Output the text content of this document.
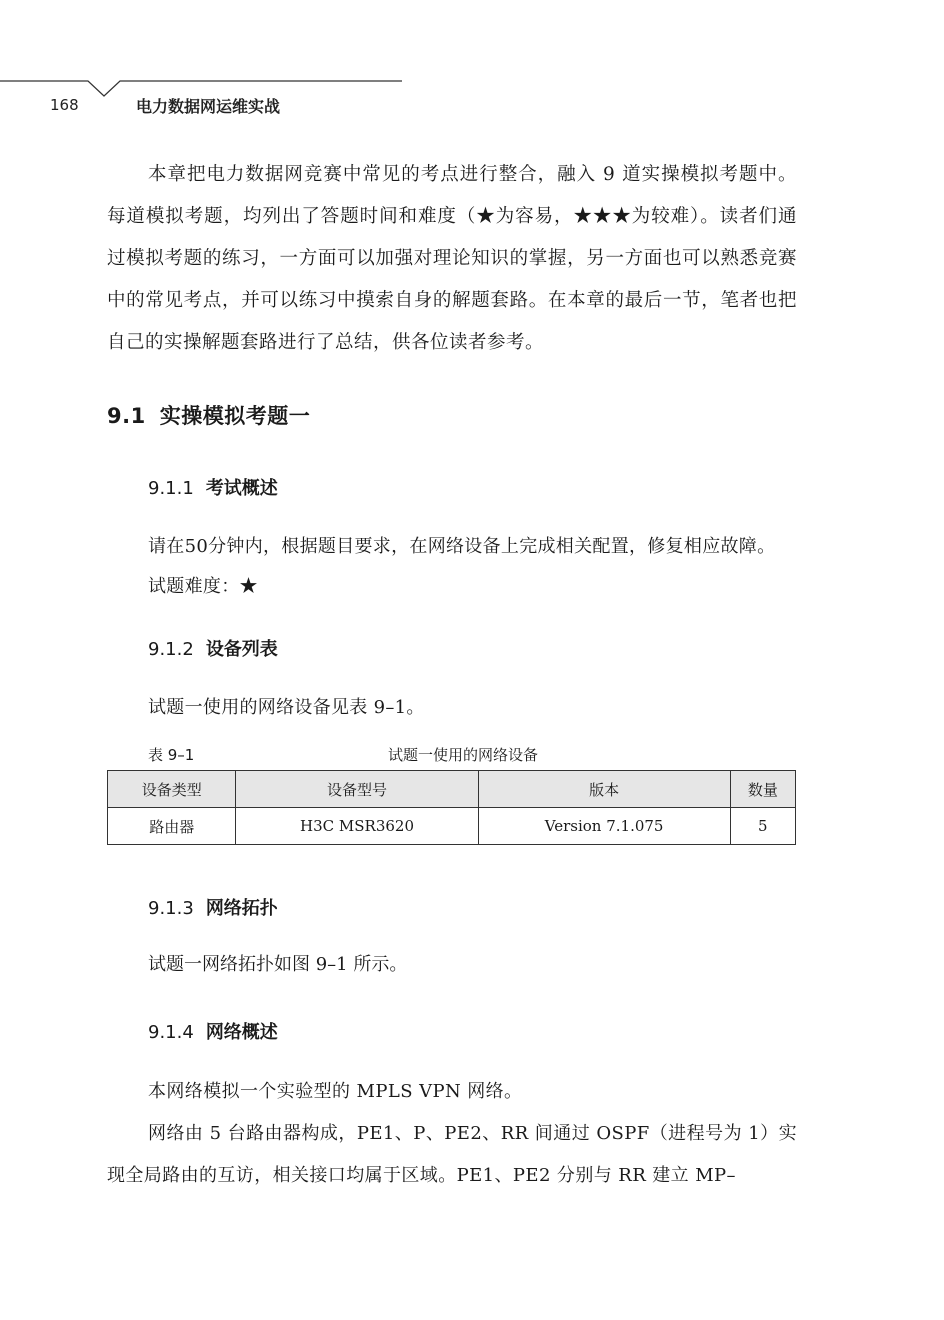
168	电力数据网运维实战

本章把电力数据网竞赛中常见的考点进行整合，融入 9 道实操模拟考题中。每道模拟考题，均列出了答题时间和难度（★为容易，★★★为较难）。读者们通过模拟考题的练习，一方面可以加强对理论知识的掌握，另一方面也可以熟悉竞赛中的常见考点，并可以练习中摸索自身的解题套路。在本章的最后一节，笔者也把自己的实操解题套路进行了总结，供各位读者参考。

9.1 实操模拟考题一
9.1.1 考试概述

请在50分钟内，根据题目要求，在网络设备上完成相关配置，修复相应故障。

试题难度：★

9.1.2 设备列表

试题一使用的网络设备见表 9–1。

表 9–1	试题一使用的网络设备
设备类型	设备型号	版本	数量
路由器	H3C MSR3620	Version 7.1.075	5
9.1.3 网络拓扑

试题一网络拓扑如图 9–1 所示。

9.1.4 网络概述

本网络模拟一个实验型的 MPLS VPN 网络。

网络由 5 台路由器构成，PE1、P、PE2、RR 间通过 OSPF（进程号为 1）实现全局路由的互访，相关接口均属于区域。PE1、PE2 分别与 RR 建立 MP–
